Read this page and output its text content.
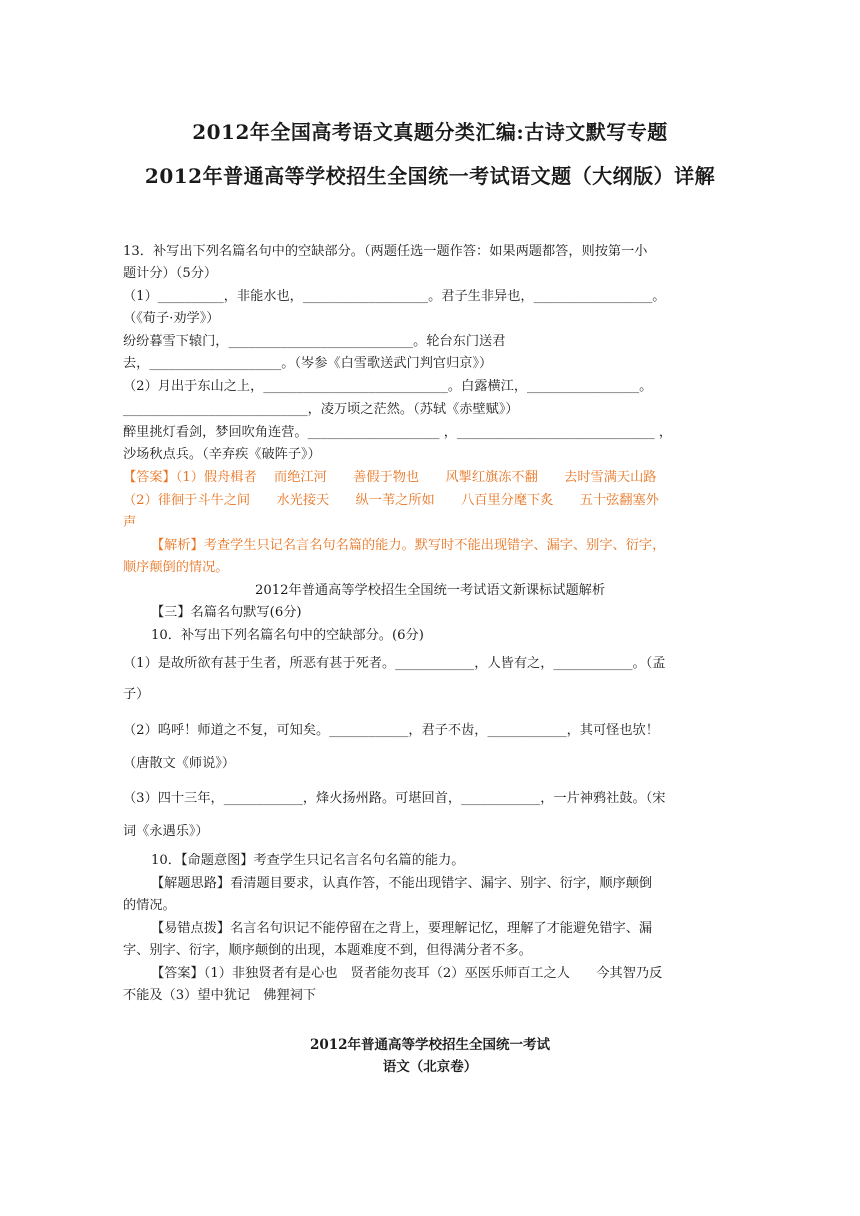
2012年全国高考语文真题分类汇编:古诗文默写专题
2012年普通高等学校招生全国统一考试语文题（大纲版）详解
13．补写出下列名篇名句中的空缺部分。（两题任选一题作答：如果两题都答，则按第一小
题计分）（5分）
（1）__________，非能水也，___________________。君子生非异也，__________________。
（《荀子·劝学》）
纷纷暮雪下辕门，____________________________。轮台东门送君
去，____________________。（岑参《白雪歌送武门判官归京》）
（2）月出于东山之上，____________________________。白露横江，_________________。
____________________________，凌万顷之茫然。（苏轼《赤壁赋》）
醉里挑灯看剑，梦回吹角连营。____________________ ，______________________________ ，
沙场秋点兵。（辛弃疾《破阵子》）
【答案】（1）假舟楫者　 而绝江河　　善假于物也　　风掣红旗冻不翻　　去时雪满天山路
（2）徘徊于斗牛之间　　水光接天　　纵一苇之所如　　八百里分麾下炙　　五十弦翻塞外
声
【解析】考查学生只记名言名句名篇的能力。默写时不能出现错字、漏字、别字、衍字，
顺序颠倒的情况。
2012年普通高等学校招生全国统一考试语文新课标试题解析
【三】名篇名句默写(6分)
10．补写出下列名篇名句中的空缺部分。(6分)
（1）是故所欲有甚于生者，所恶有甚于死者。____________，人皆有之，____________。（孟
子）
（2）呜呼！师道之不复，可知矣。____________，君子不齿，____________，其可怪也欤！
（唐散文《师说》）
（3）四十三年，____________，烽火扬州路。可堪回首，____________，一片神鸦社鼓。（宋
词《永遇乐》）
10．【命题意图】考查学生只记名言名句名篇的能力。
【解题思路】看清题目要求，认真作答，不能出现错字、漏字、别字、衍字，顺序颠倒
的情况。
【易错点拨】名言名句识记不能停留在之背上，要理解记忆，理解了才能避免错字、漏
字、别字、衍字，顺序颠倒的出现，本题难度不到，但得满分者不多。
【答案】（1）非独贤者有是心也　贤者能勿丧耳（2）巫医乐师百工之人　　今其智乃反
不能及（3）望中犹记　佛狸祠下
2012年普通高等学校招生全国统一考试
语文（北京卷）
